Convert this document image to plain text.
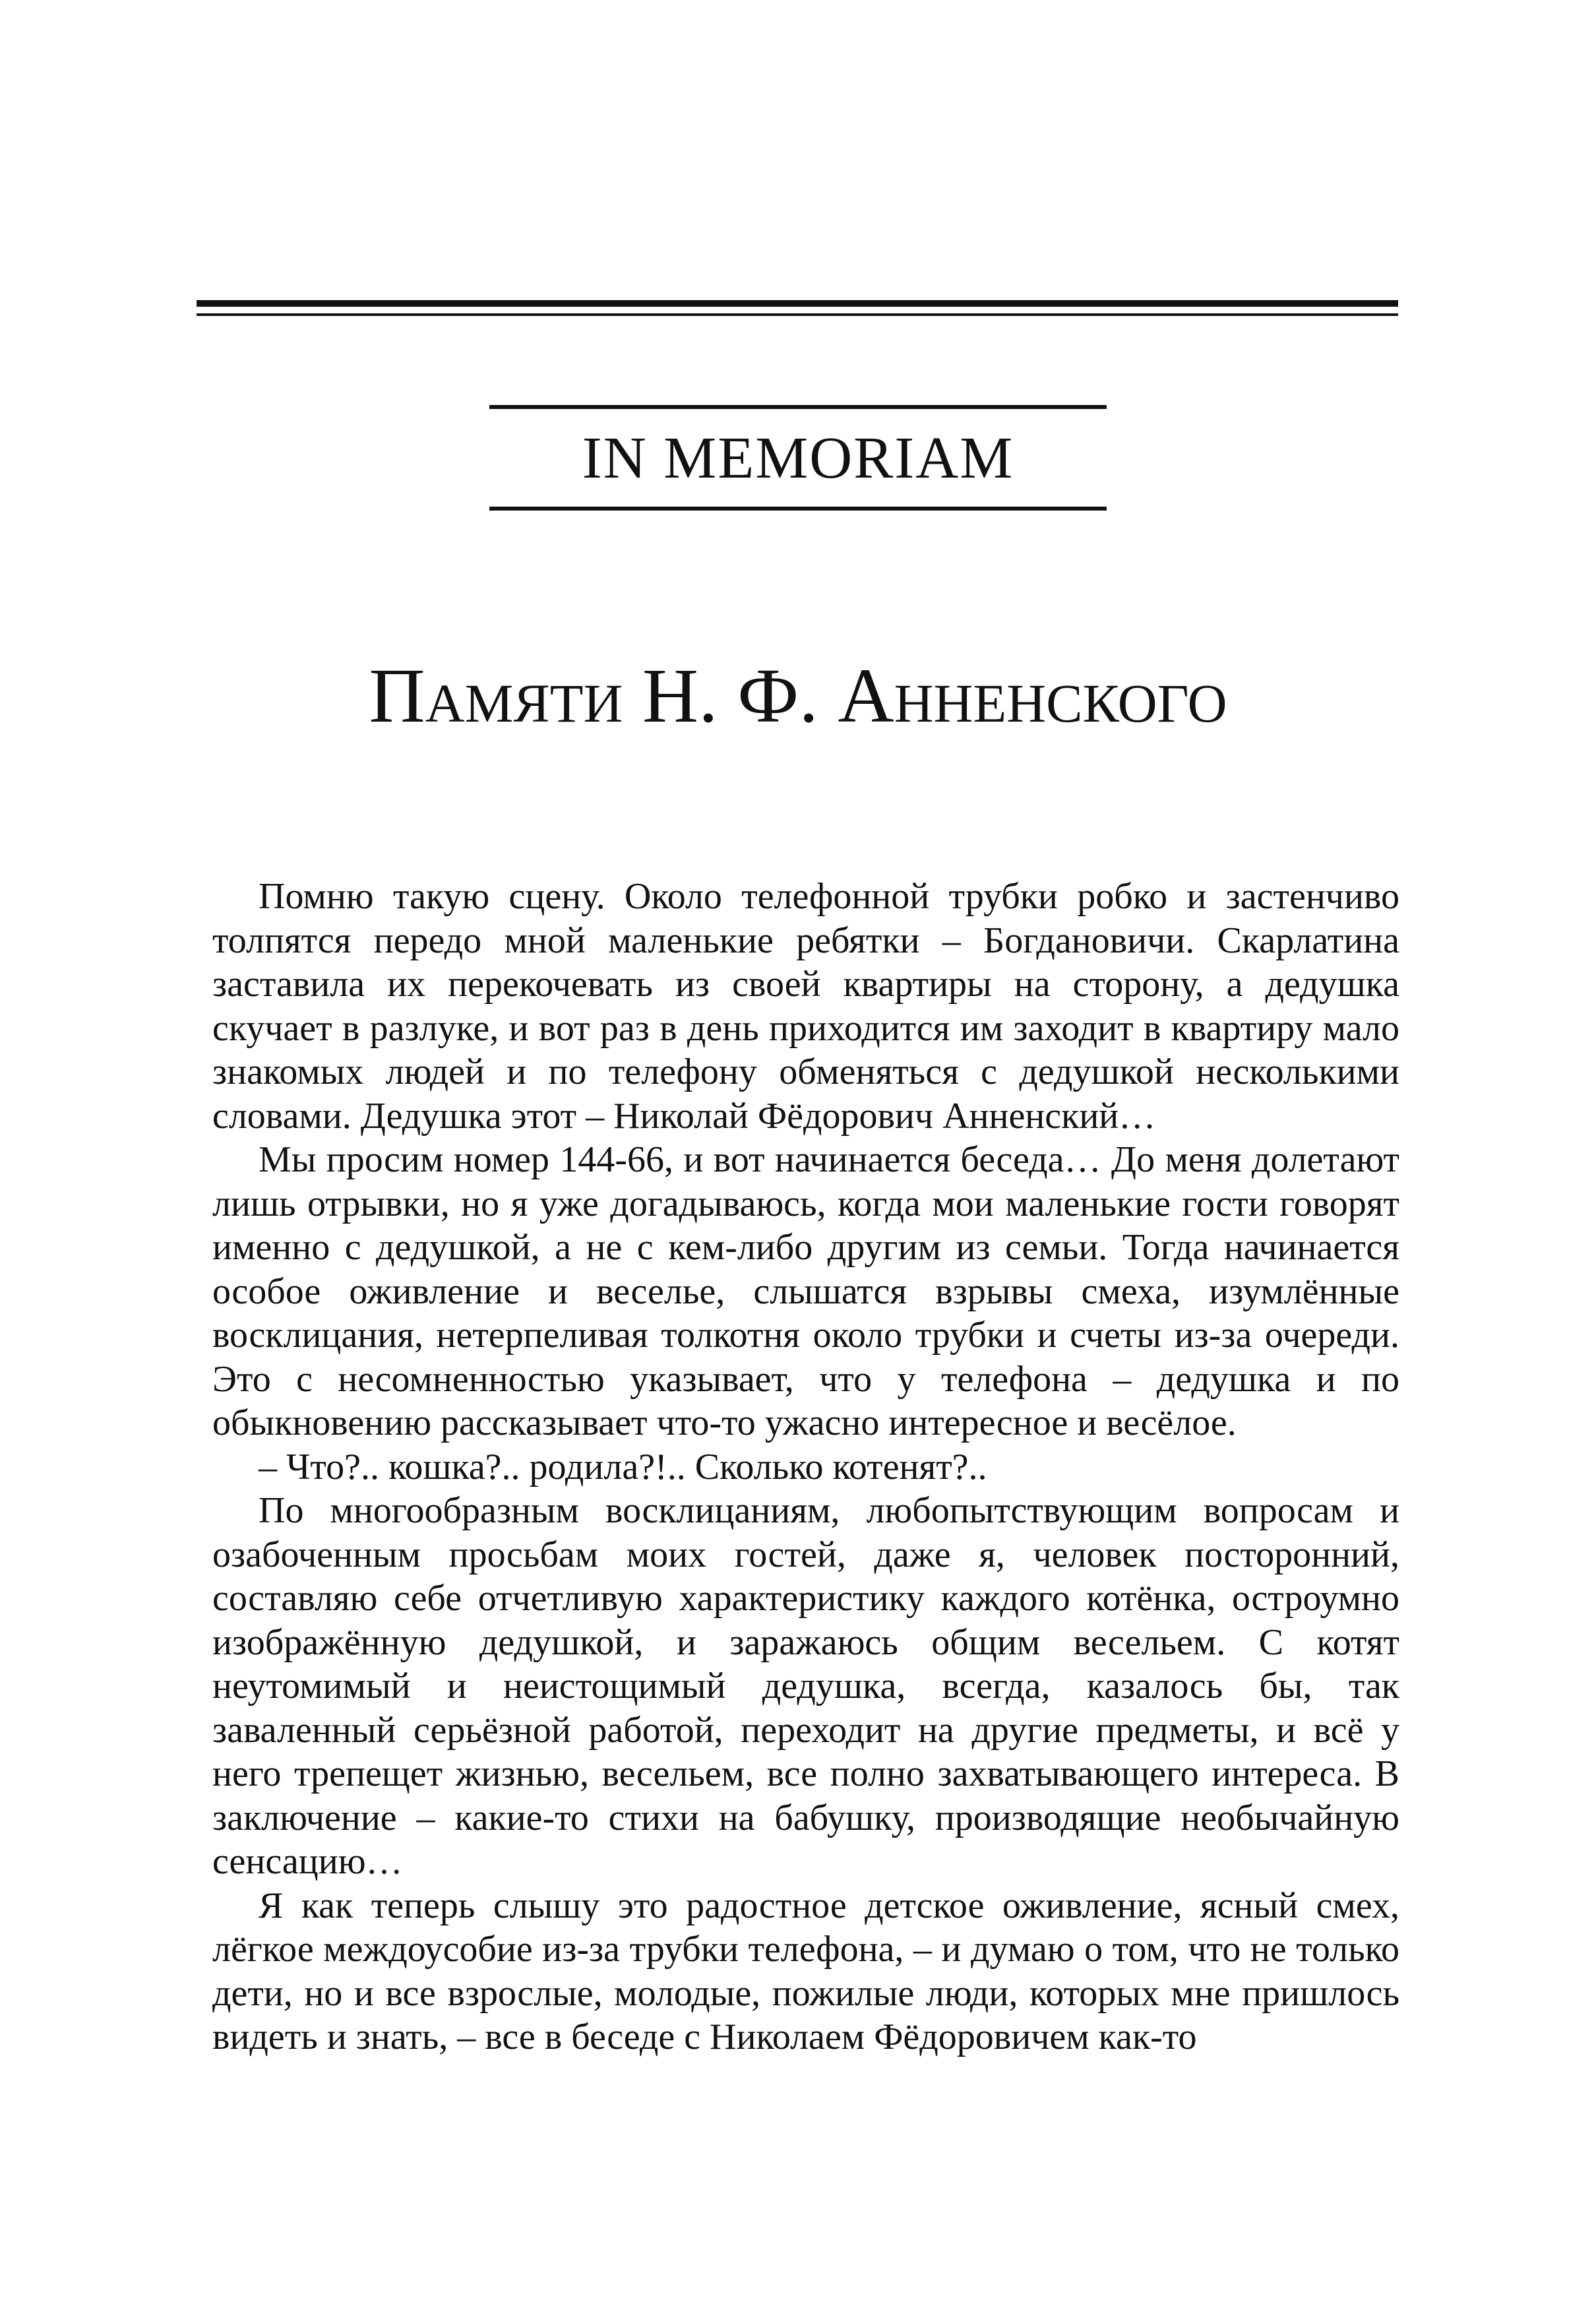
IN MEMORIAM
Памяти Н. Ф. Анненского

Помню такую сцену. Около телефонной трубки робко и застенчиво толпятся передо мной маленькие ребятки – Богдановичи. Скарлатина заставила их перекочевать из своей квартиры на сторону, а дедушка скучает в разлуке, и вот раз в день приходится им заходит в квартиру мало знакомых людей и по телефону обменяться с дедушкой несколькими словами. Дедушка этот – Николай Фёдорович Анненский…

Мы просим номер 144-66, и вот начинается беседа… До меня долетают лишь отрывки, но я уже догадываюсь, когда мои маленькие гости говорят именно с дедушкой, а не с кем-либо другим из семьи. Тогда начинается особое оживление и веселье, слышатся взрывы смеха, изумлённые восклицания, нетерпеливая толкотня около трубки и счеты из-за очереди. Это с несомненностью указывает, что у телефона – дедушка и по обыкновению рассказывает что-то ужасно интересное и весёлое.

– Что?.. кошка?.. родила?!.. Сколько котенят?..

По многообразным восклицаниям, любопытствующим вопросам и озабоченным просьбам моих гостей, даже я, человек посторонний, составляю себе отчетливую характеристику каждого котёнка, остроумно изображённую дедушкой, и заражаюсь общим весельем. С котят неутомимый и неистощимый дедушка, всегда, казалось бы, так заваленный серьёзной работой, переходит на другие предметы, и всё у него трепещет жизнью, весельем, все полно захватывающего интереса. В заключение – какие-то стихи на бабушку, производящие необычайную сенсацию…

Я как теперь слышу это радостное детское оживление, ясный смех, лёгкое междоусобие из-за трубки телефона, – и думаю о том, что не только дети, но и все взрослые, молодые, пожилые люди, которых мне пришлось видеть и знать, – все в беседе с Николаем Фёдоровичем как-то
